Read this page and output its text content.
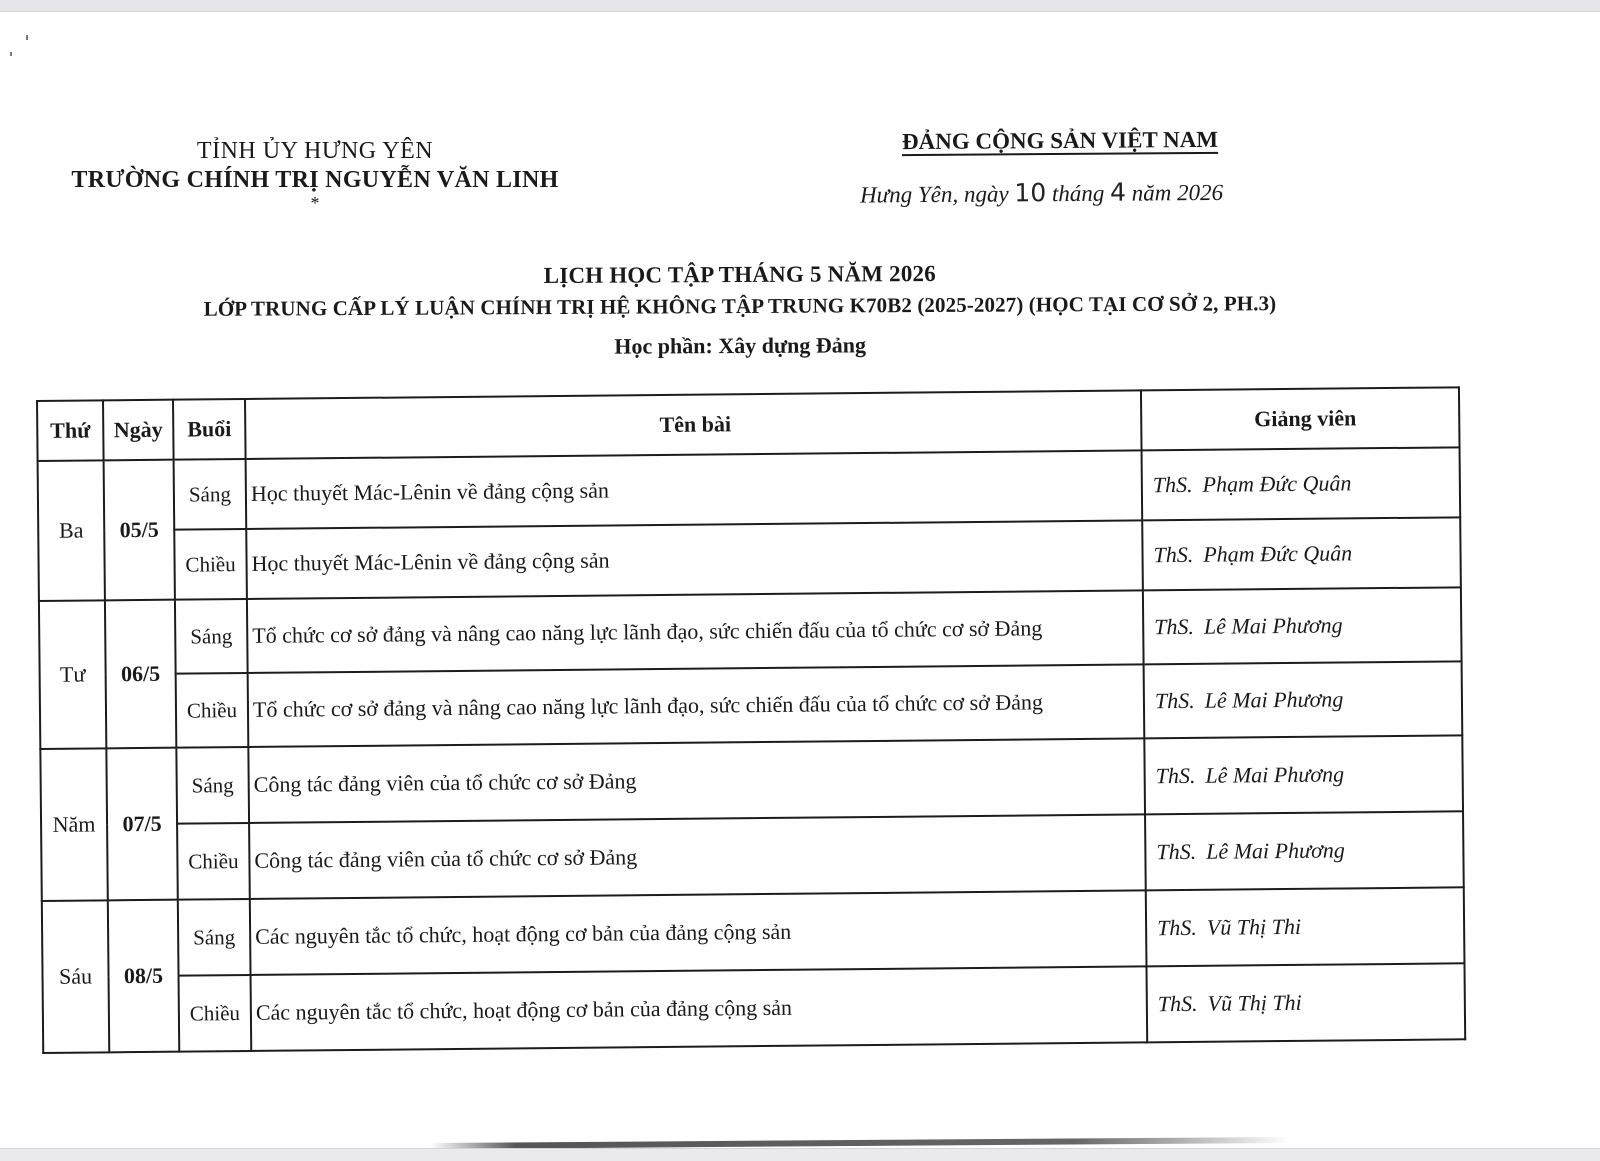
TỈNH ỦY HƯNG YÊN
TRƯỜNG CHÍNH TRỊ NGUYỄN VĂN LINH
*
ĐẢNG CỘNG SẢN VIỆT NAM
Hưng Yên, ngày 10 tháng 4 năm 2026
LỊCH HỌC TẬP THÁNG 5 NĂM 2026
LỚP TRUNG CẤP LÝ LUẬN CHÍNH TRỊ HỆ KHÔNG TẬP TRUNG K70B2 (2025-2027) (HỌC TẠI CƠ SỞ 2, PH.3)
Học phần: Xây dựng Đảng
Thứ	Ngày	Buổi	Tên bài	Giảng viên
Ba	05/5	Sáng	Học thuyết Mác-Lênin về đảng cộng sản	ThS. Phạm Đức Quân
		Chiều	Học thuyết Mác-Lênin về đảng cộng sản	ThS. Phạm Đức Quân
Tư	06/5	Sáng	Tổ chức cơ sở đảng và nâng cao năng lực lãnh đạo, sức chiến đấu của tổ chức cơ sở Đảng	ThS. Lê Mai Phương
		Chiều	Tổ chức cơ sở đảng và nâng cao năng lực lãnh đạo, sức chiến đấu của tổ chức cơ sở Đảng	ThS. Lê Mai Phương
Năm	07/5	Sáng	Công tác đảng viên của tổ chức cơ sở Đảng	ThS. Lê Mai Phương
		Chiều	Công tác đảng viên của tổ chức cơ sở Đảng	ThS. Lê Mai Phương
Sáu	08/5	Sáng	Các nguyên tắc tổ chức, hoạt động cơ bản của đảng cộng sản	ThS. Vũ Thị Thi
		Chiều	Các nguyên tắc tổ chức, hoạt động cơ bản của đảng cộng sản	ThS. Vũ Thị Thi
